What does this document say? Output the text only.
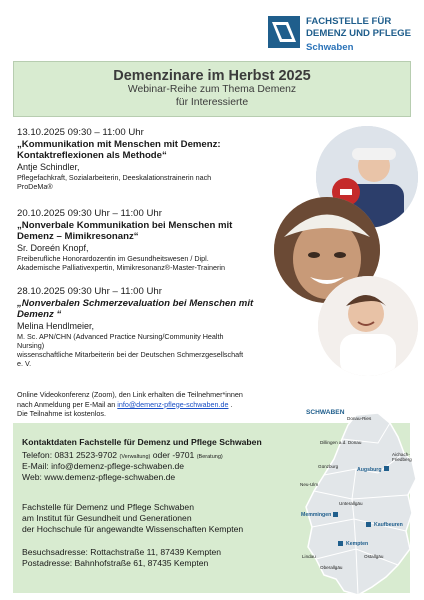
FACHSTELLE FÜR
DEMENZ UND PFLEGE
Schwaben
Demenzinare im Herbst 2025
Webinar-Reihe zum Thema Demenz
für Interessierte
13.10.2025 09:30 – 11:00 Uhr
„Kommunikation mit Menschen mit Demenz:
Kontaktreflexionen als Methode“
Antje Schindler,
Pflegefachkraft, Sozialarbeiterin, Deeskalationstrainerin nach
ProDeMa®
20.10.2025 09:30 Uhr – 11:00 Uhr
„Nonverbale Kommunikation bei Menschen mit
Demenz – Mimikresonanz“
Sr. Doreén Knopf,
Freiberufliche Honorardozentin im Gesundheitswesen / Dipl.
Akademische Palliativexpertin, Mimikresonanz®-Master-Trainerin
28.10.2025 09:30 Uhr – 11:00 Uhr
„Nonverbalen Schmerzevaluation bei Menschen mit
Demenz “
Melina Hendlmeier,
M. Sc. APN/CHN (Advanced Practice Nursing/Community Health
Nursing)
wissenschaftliche Mitarbeiterin bei der Deutschen Schmerzgesellschaft
e. V.
Online Videokonferenz (Zoom), den Link erhalten die Teilnehmer*innen
nach Anmeldung per E-Mail an info@demenz-pflege-schwaben.de .
Die Teilnahme ist kostenlos.
Kontaktdaten Fachstelle für Demenz und Pflege Schwaben
Telefon: 0831 2523-9702 (Verwaltung) oder -9701 (Beratung)
E-Mail: info@demenz-pflege-schwaben.de
Web: www.demenz-pflege-schwaben.de
Fachstelle für Demenz und Pflege Schwaben
am Institut für Gesundheit und Generationen
der Hochschule für angewandte Wissenschaften Kempten
Besuchsadresse: Rottachstraße 11, 87439 Kempten
Postadresse: Bahnhofstraße 61, 87435 Kempten
SCHWABEN
Donau-Ries
Dillingen a.d. Donau
Augsburg
Aichach-Friedberg
Günzburg
Neu-Ulm
Unterallgäu
Memmingen
Kaufbeuren
Kempten
Oberallgäu
Lindau	Ostallgäu
